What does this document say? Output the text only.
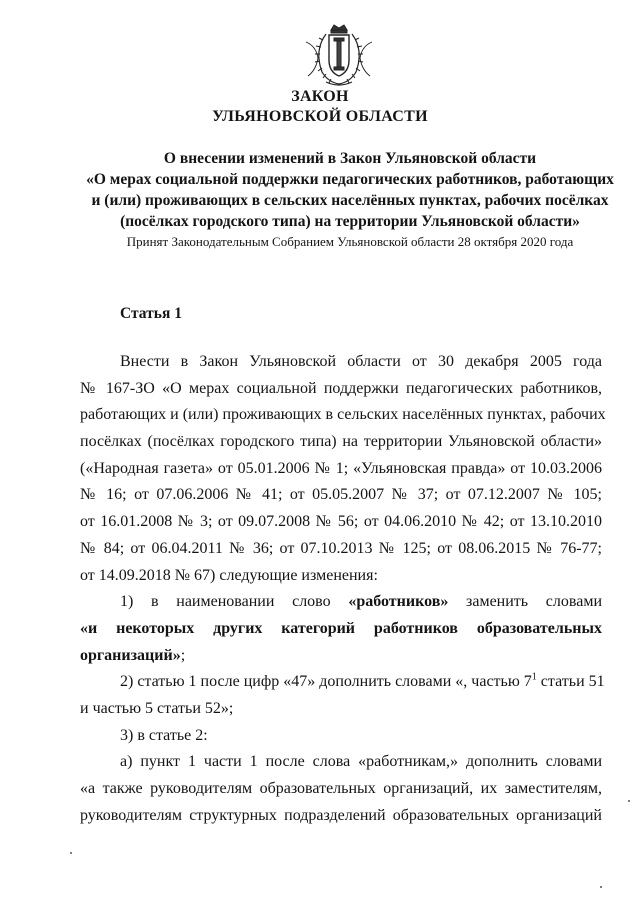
ЗАКОН
УЛЬЯНОВСКОЙ ОБЛАСТИ
О внесении изменений в Закон Ульяновской области
«О мерах социальной поддержки педагогических работников, работающих
и (или) проживающих в сельских населённых пунктах, рабочих посёлках
(посёлках городского типа) на территории Ульяновской области»
Принят Законодательным Собранием Ульяновской области 28 октября 2020 года
Статья 1
Внести в Закон Ульяновской области от 30 декабря 2005 года
№ 167-ЗО «О мерах социальной поддержки педагогических работников,
работающих и (или) проживающих в сельских населённых пунктах, рабочих
посёлках (посёлках городского типа) на территории Ульяновской области»
(«Народная газета» от 05.01.2006 № 1; «Ульяновская правда» от 10.03.2006
№ 16; от 07.06.2006 № 41; от 05.05.2007 № 37; от 07.12.2007 № 105;
от 16.01.2008 № 3; от 09.07.2008 № 56; от 04.06.2010 № 42; от 13.10.2010
№ 84; от 06.04.2011 № 36; от 07.10.2013 № 125; от 08.06.2015 № 76-77;
от 14.09.2018 № 67) следующие изменения:
1) в наименовании слово «работников» заменить словами
«и некоторых других категорий работников образовательных
организаций»;
2) статью 1 после цифр «47» дополнить словами «, частью $7^1$ статьи 51
и частью 5 статьи 52»;
3) в статье 2:
а) пункт 1 части 1 после слова «работникам,» дополнить словами
«а также руководителям образовательных организаций, их заместителям,
руководителям структурных подразделений образовательных организаций
